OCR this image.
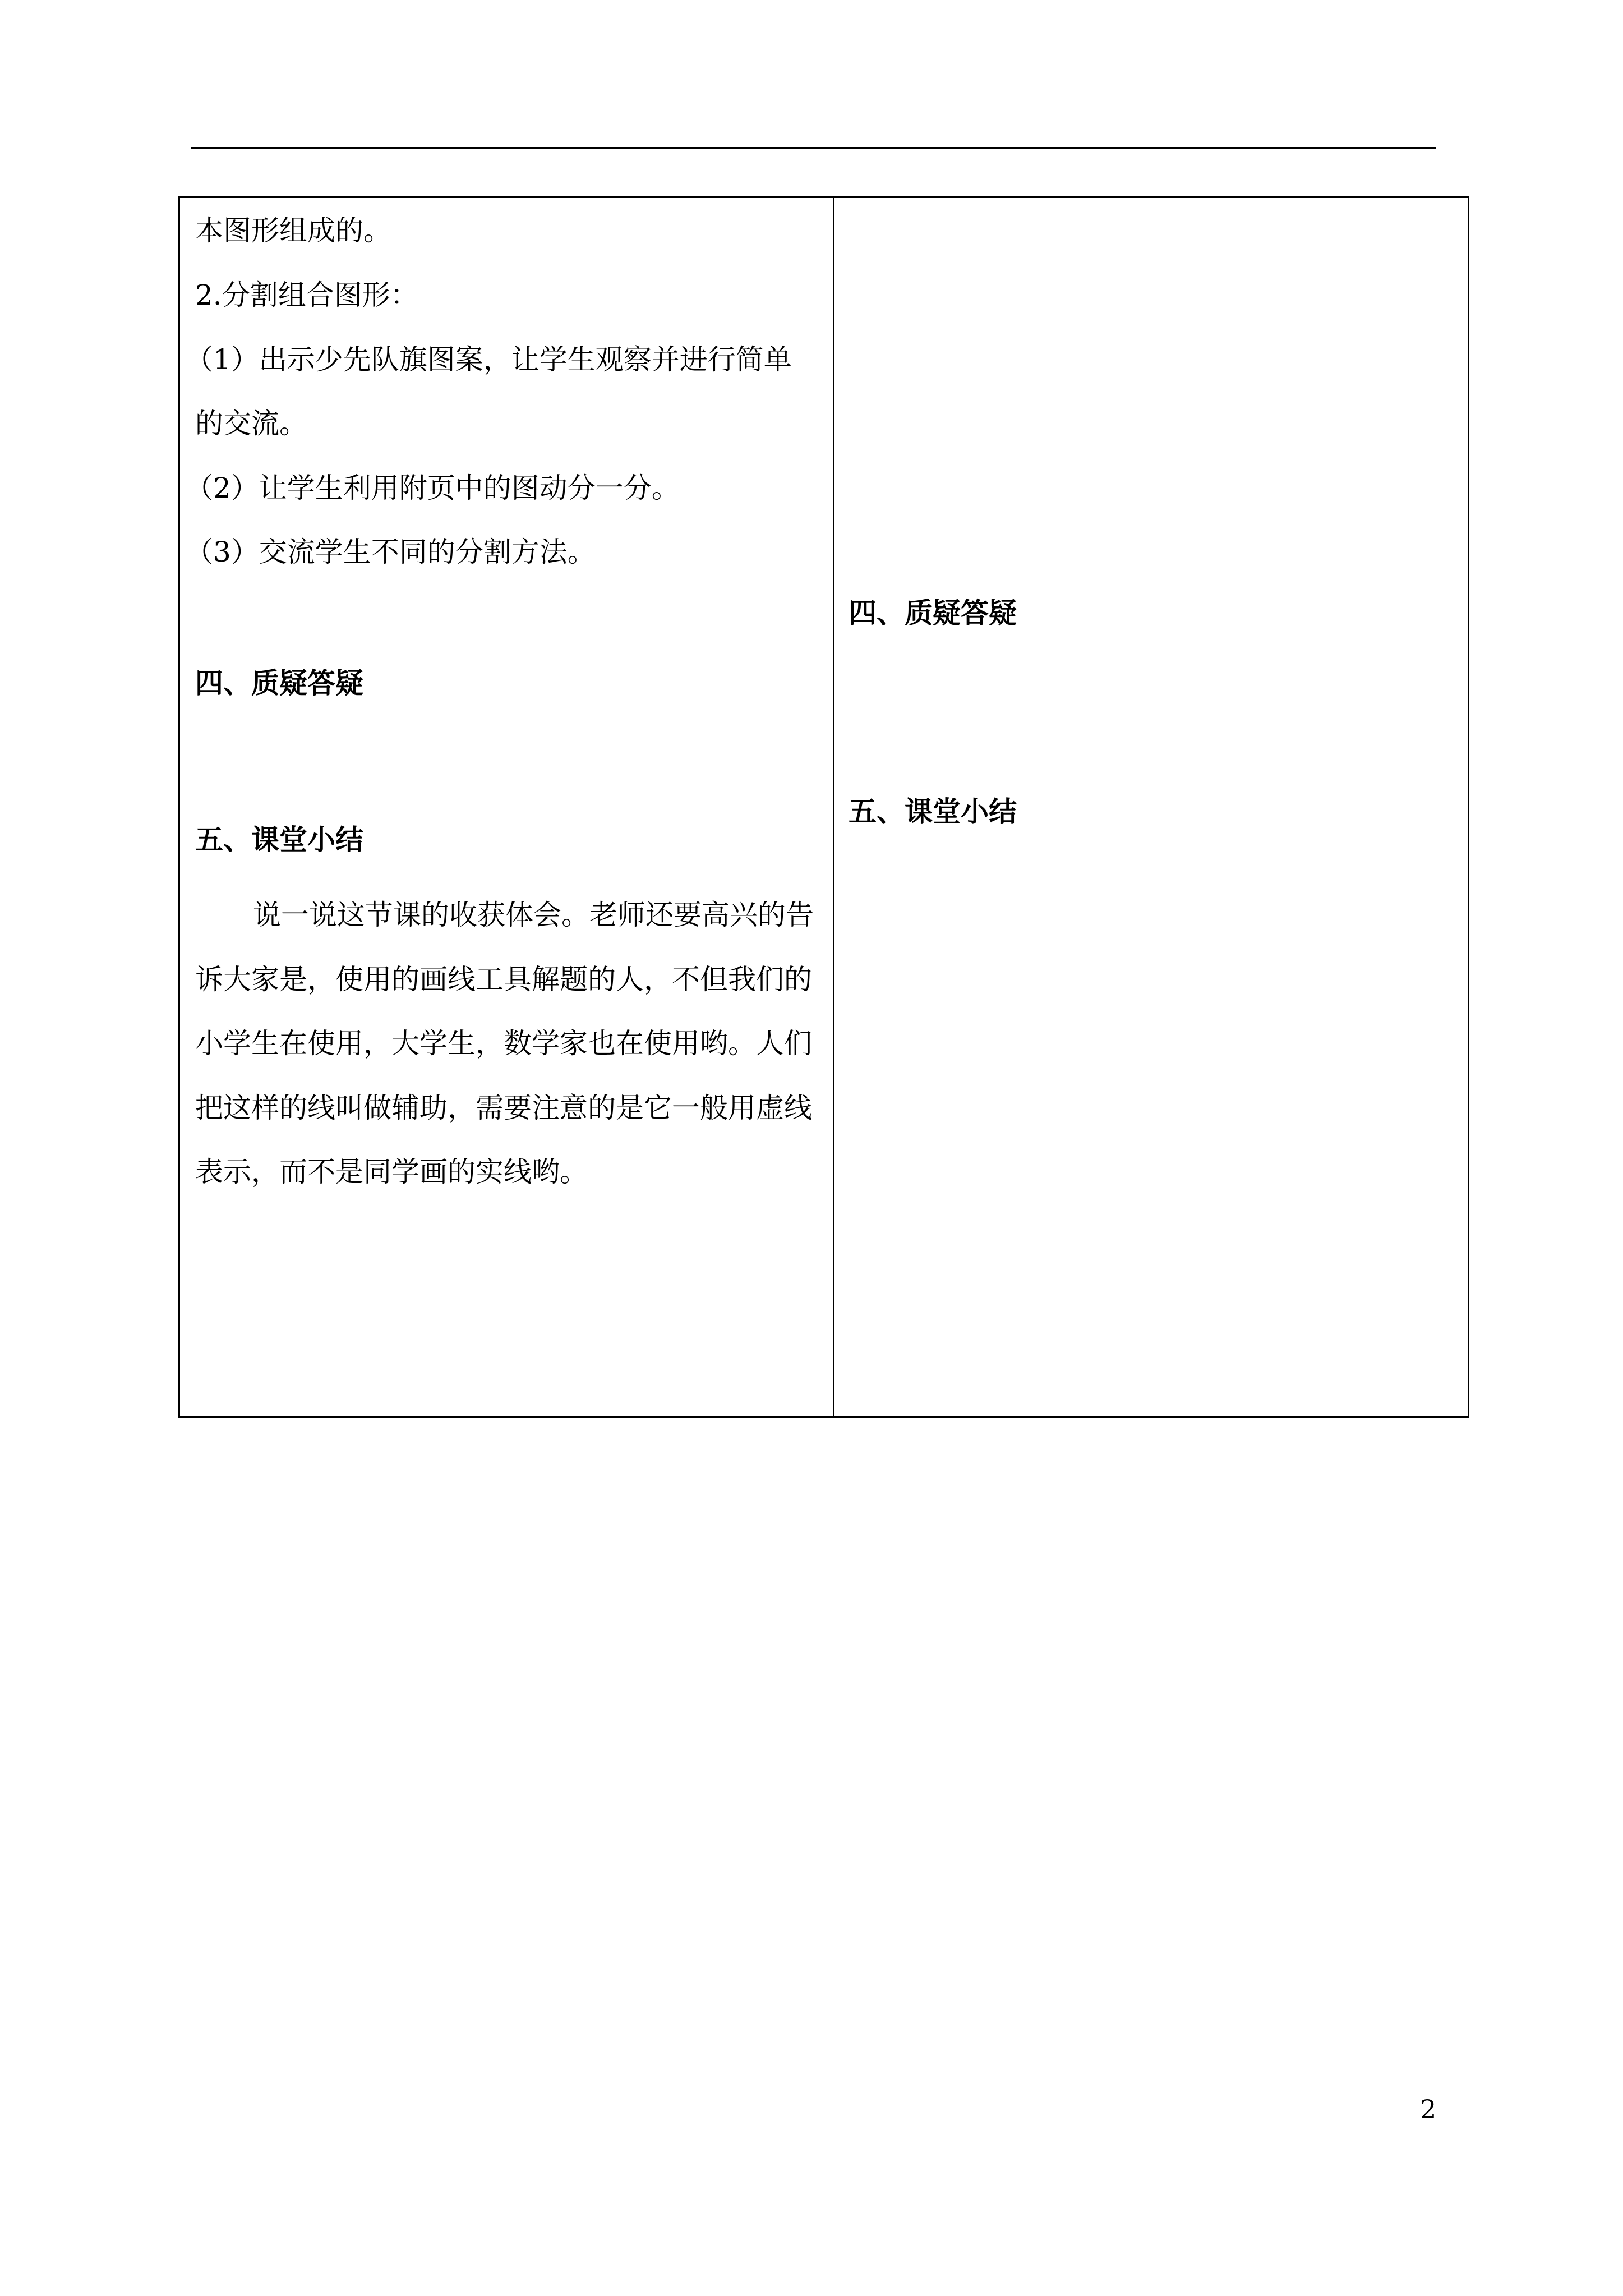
本图形组成的。
2.分割组合图形：
（1）出示少先队旗图案，让学生观察并进行简单
的交流。
（2）让学生利用附页中的图动分一分。
（3）交流学生不同的分割方法。
四、质疑答疑
五、课堂小结
说一说这节课的收获体会。老师还要高兴的告
诉大家是，使用的画线工具解题的人，不但我们的
小学生在使用，大学生，数学家也在使用哟。人们
把这样的线叫做辅助，需要注意的是它一般用虚线
表示，而不是同学画的实线哟。
四、质疑答疑
五、课堂小结
2
